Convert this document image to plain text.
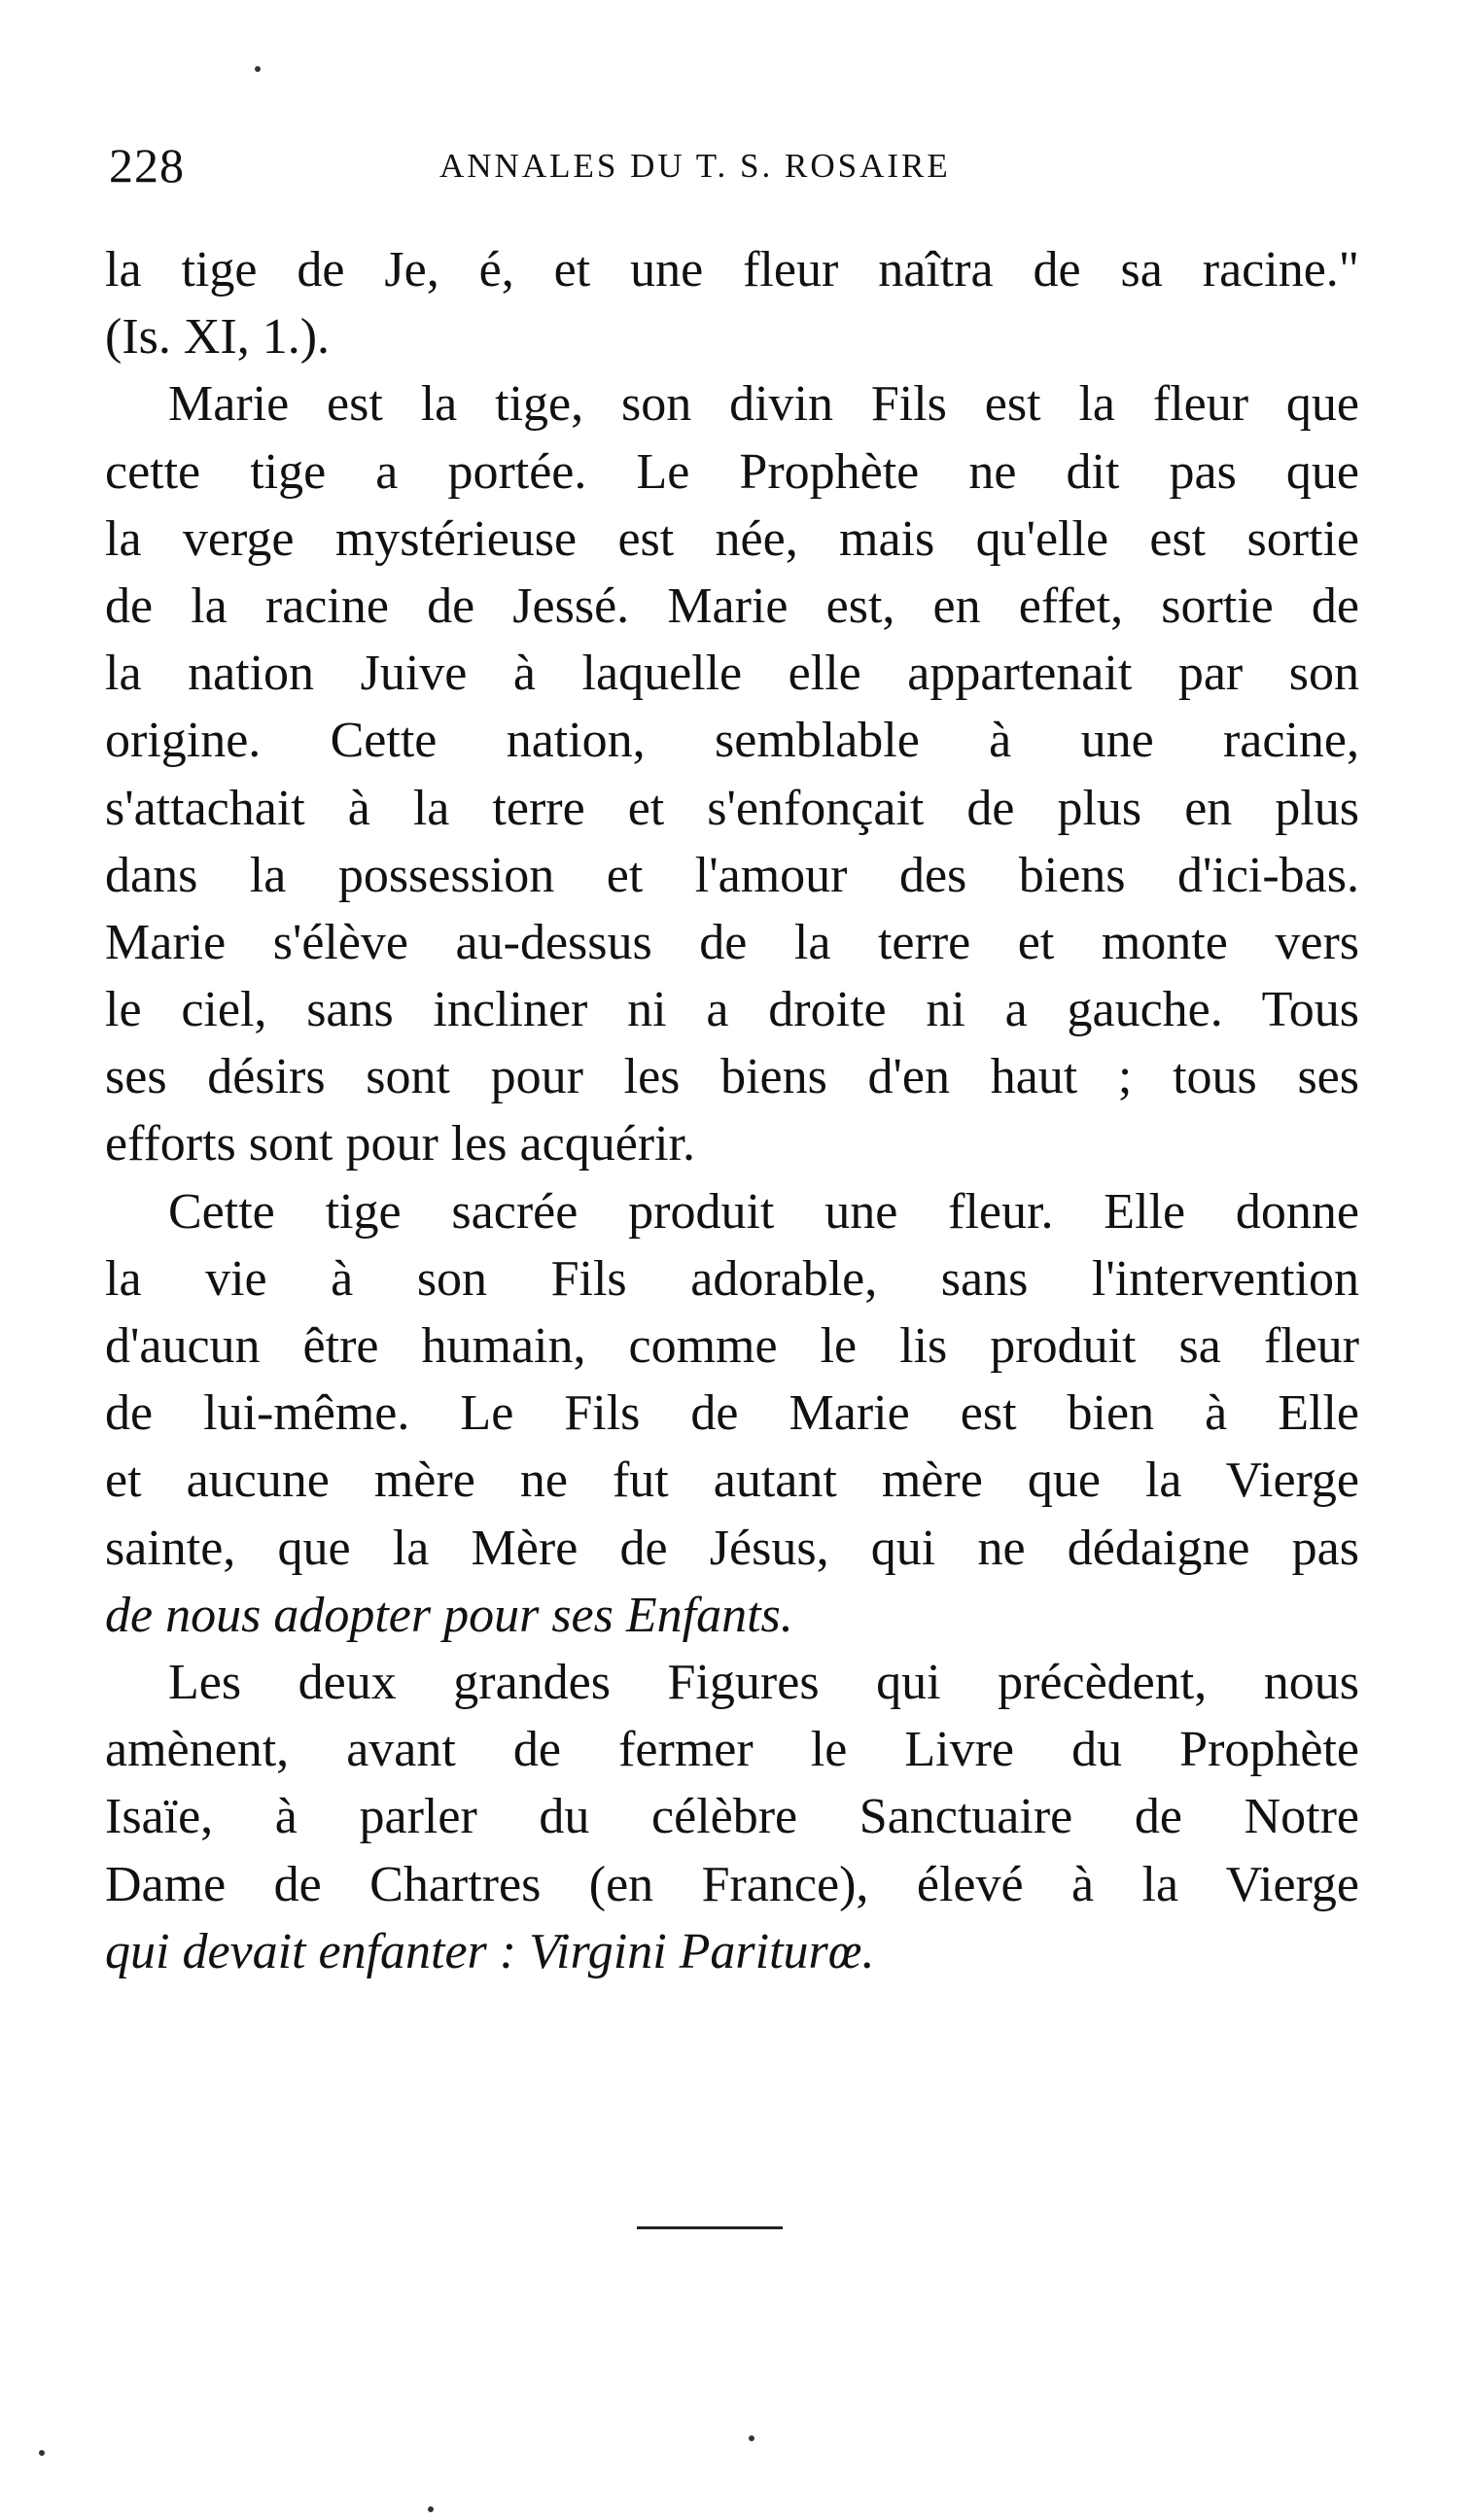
228	ANNALES DU T. S. ROSAIRE
la tige de Je, é, et une fleur naîtra de sa racine."
(Is. XI, 1.).
Marie est la tige, son divin Fils est la fleur que
cette tige a portée. Le Prophète ne dit pas que
la verge mystérieuse est née, mais qu'elle est sortie
de la racine de Jessé. Marie est, en effet, sortie de
la nation Juive à laquelle elle appartenait par son
origine. Cette nation, semblable à une racine,
s'attachait à la terre et s'enfonçait de plus en plus
dans la possession et l'amour des biens d'ici-bas.
Marie s'élève au-dessus de la terre et monte vers
le ciel, sans incliner ni a droite ni a gauche. Tous
ses désirs sont pour les biens d'en haut ; tous ses
efforts sont pour les acquérir.
Cette tige sacrée produit une fleur. Elle donne
la vie à son Fils adorable, sans l'intervention
d'aucun être humain, comme le lis produit sa fleur
de lui-même. Le Fils de Marie est bien à Elle
et aucune mère ne fut autant mère que la Vierge
sainte, que la Mère de Jésus, qui ne dédaigne pas
de nous adopter pour ses Enfants.
Les deux grandes Figures qui précèdent, nous
amènent, avant de fermer le Livre du Prophète
Isaïe, à parler du célèbre Sanctuaire de Notre
Dame de Chartres (en France), élevé à la Vierge
qui devait enfanter : Virgini Pariturœ.
